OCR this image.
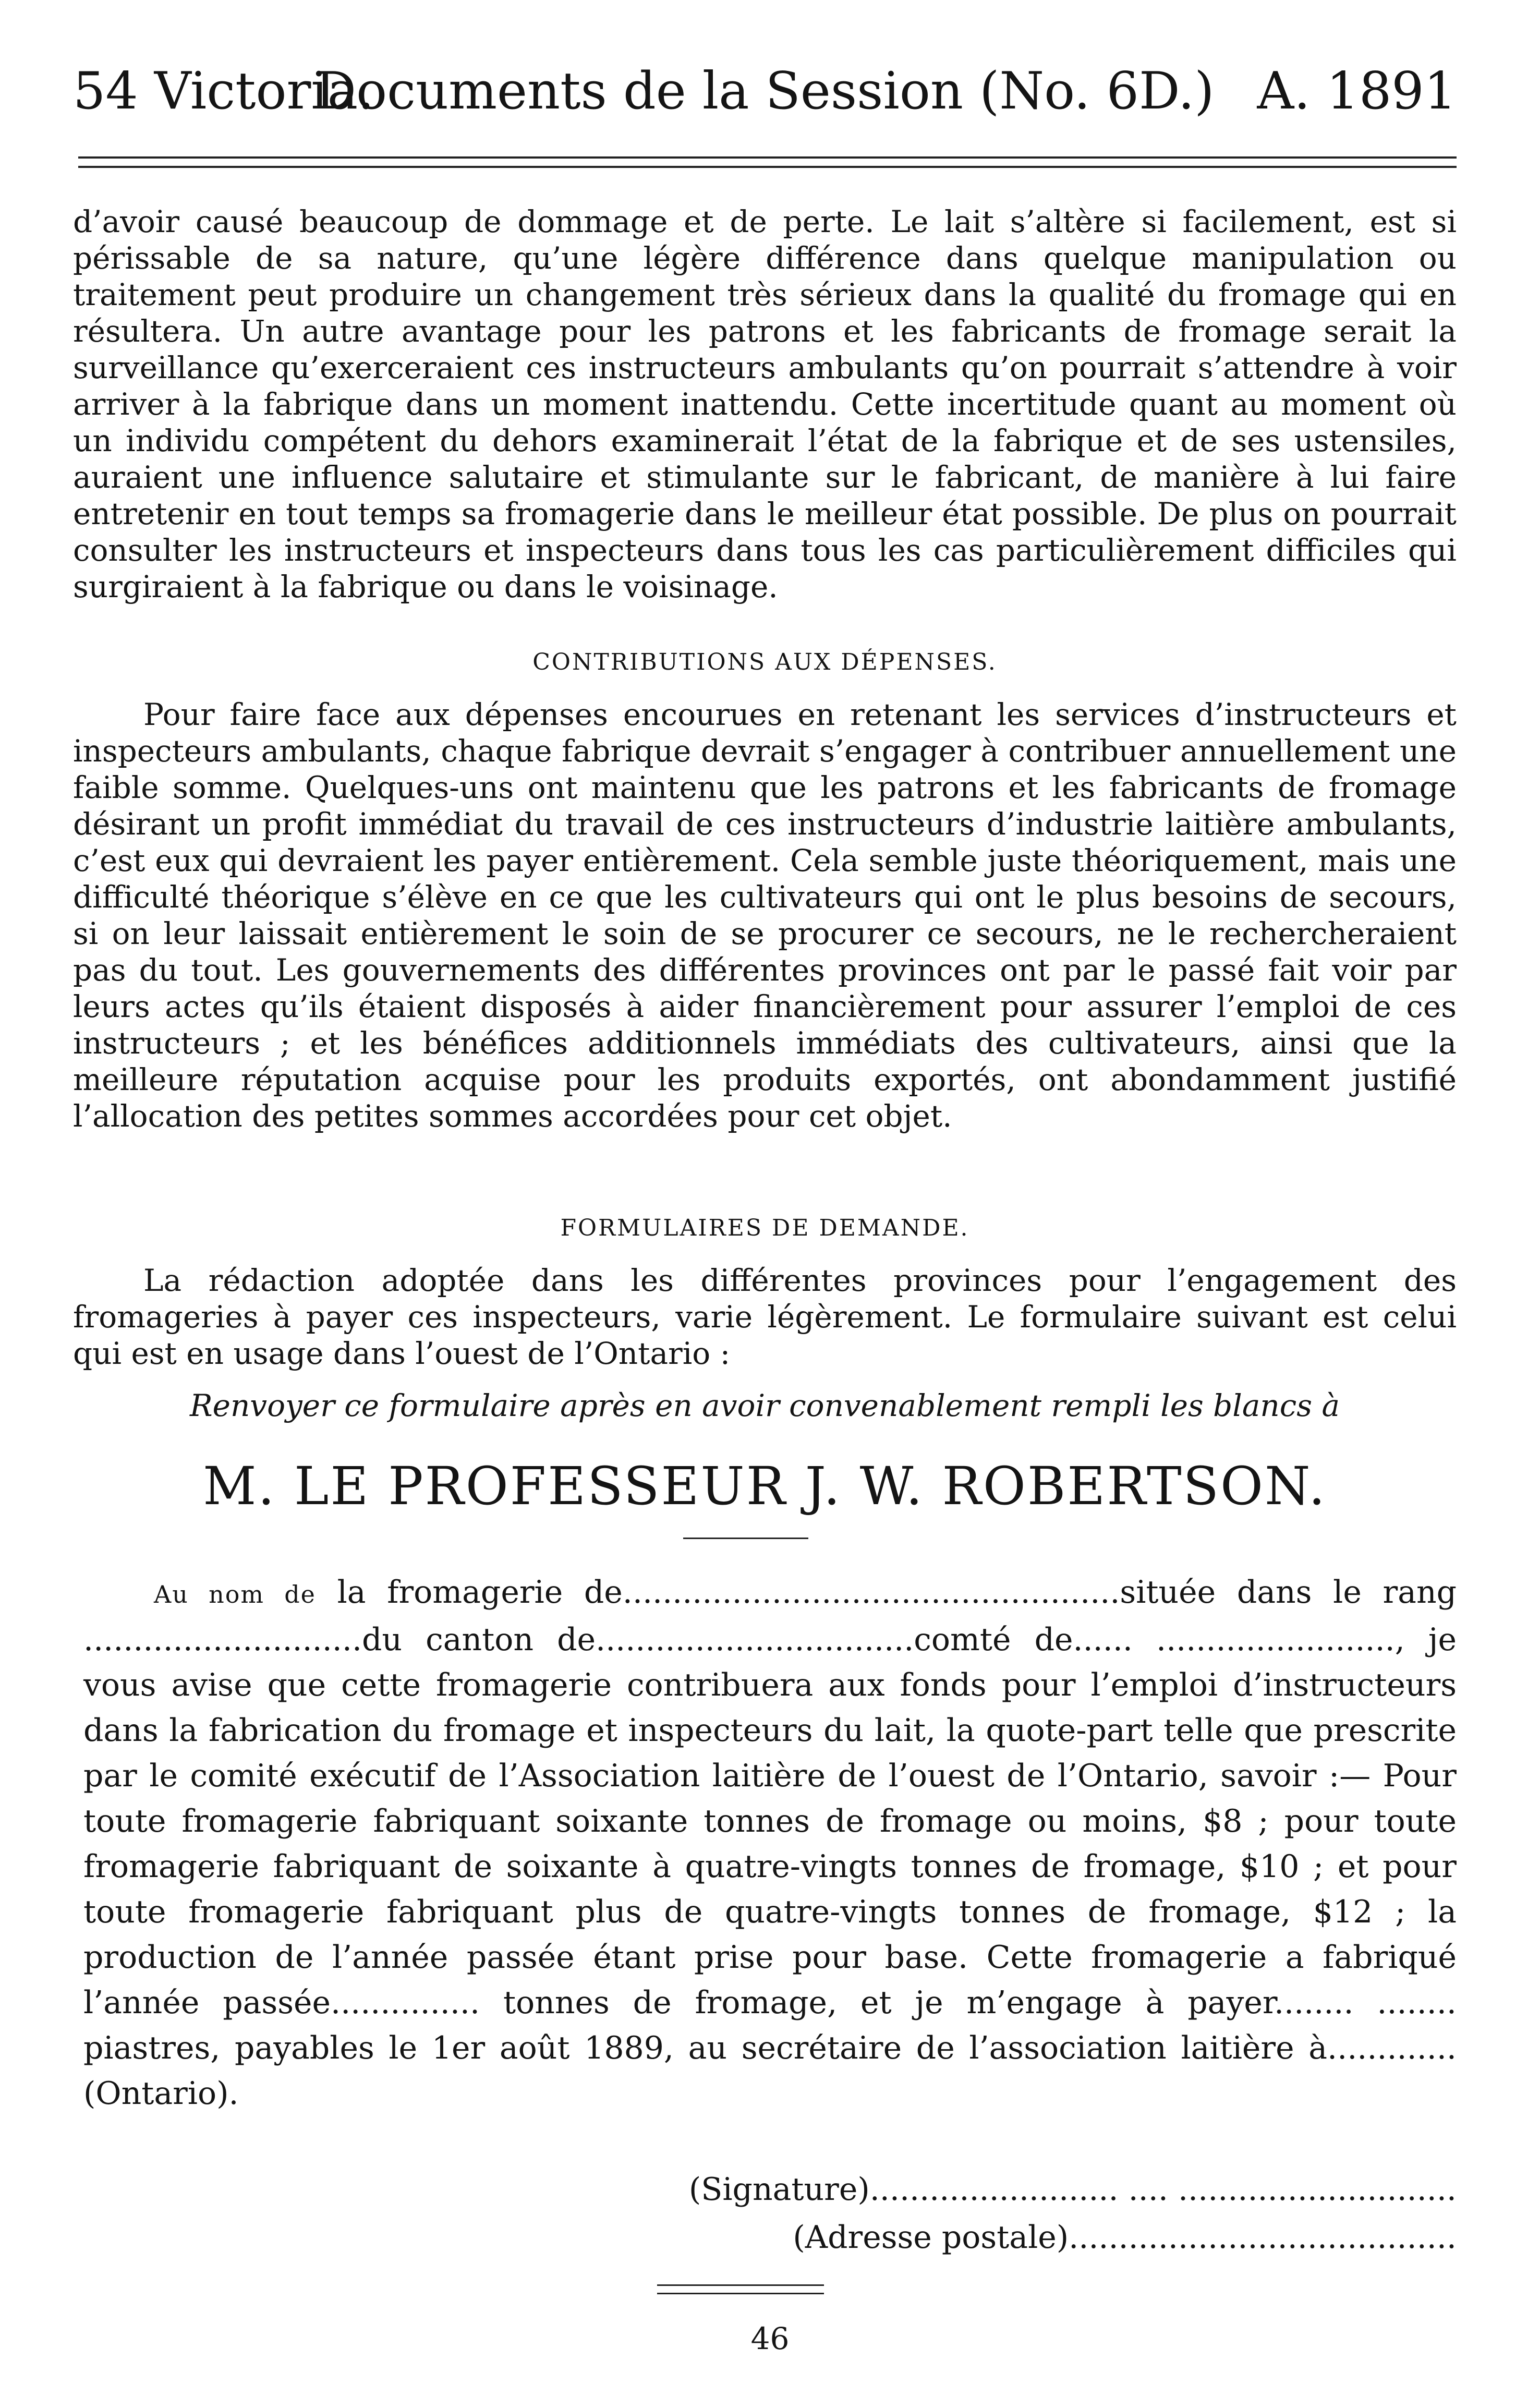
54 Victoria.
Documents de la Session (No. 6D.) A. 1891

d’avoir causé beaucoup de dommage et de perte. Le lait s’altère si facilement, est si périssable de sa nature, qu’une légère différence dans quelque manipulation ou traitement peut produire un changement très sérieux dans la qualité du fromage qui en résultera. Un autre avantage pour les patrons et les fabricants de fromage serait la surveillance qu’exerceraient ces instructeurs ambulants qu’on pourrait s’attendre à voir arriver à la fabrique dans un moment inattendu. Cette incertitude quant au moment où un individu compétent du dehors examinerait l’état de la fabrique et de ses ustensiles, auraient une influence salutaire et stimulante sur le fabricant, de manière à lui faire entretenir en tout temps sa fromagerie dans le meilleur état possible. De plus on pourrait consulter les instructeurs et inspecteurs dans tous les cas particulièrement difficiles qui surgiraient à la fabrique ou dans le voisinage.

CONTRIBUTIONS AUX DÉPENSES.

Pour faire face aux dépenses encourues en retenant les services d’instructeurs et inspecteurs ambulants, chaque fabrique devrait s’engager à contribuer annuellement une faible somme. Quelques-uns ont maintenu que les patrons et les fabricants de fromage désirant un profit immédiat du travail de ces instructeurs d’industrie laitière ambulants, c’est eux qui devraient les payer entièrement. Cela semble juste théoriquement, mais une difficulté théorique s’élève en ce que les cultivateurs qui ont le plus besoins de secours, si on leur laissait entièrement le soin de se procurer ce secours, ne le rechercheraient pas du tout. Les gouvernements des différentes provinces ont par le passé fait voir par leurs actes qu’ils étaient disposés à aider financièrement pour assurer l’emploi de ces instructeurs ; et les bénéfices additionnels immédiats des cultivateurs, ainsi que la meilleure réputation acquise pour les produits exportés, ont abondamment justifié l’allocation des petites sommes accordées pour cet objet.

FORMULAIRES DE DEMANDE.

La rédaction adoptée dans les différentes provinces pour l’engagement des fromageries à payer ces inspecteurs, varie légèrement. Le formulaire suivant est celui qui est en usage dans l’ouest de l’Ontario :

Renvoyer ce formulaire après en avoir convenablement rempli les blancs à
M. LE PROFESSEUR J. W. ROBERTSON.

Au nom de la fromagerie de..................................................située dans le rang ............................du canton de................................comté de...... ........................, je vous avise que cette fromagerie contribuera aux fonds pour l’emploi d’instructeurs dans la fabrication du fromage et inspecteurs du lait, la quote-part telle que prescrite par le comité exécutif de l’Association laitière de l’ouest de l’Ontario, savoir :— Pour toute fromagerie fabriquant soixante tonnes de fromage ou moins, $8 ; pour toute fromagerie fabriquant de soixante à quatre-vingts tonnes de fromage, $10 ; et pour toute fromagerie fabriquant plus de quatre-vingts tonnes de fromage, $12 ; la production de l’année passée étant prise pour base. Cette fromagerie a fabriqué l’année passée............... tonnes de fromage, et je m’engage à payer........ ........ piastres, payables le 1er août 1889, au secrétaire de l’association laitière à............. (Ontario).

(Signature)......................... .... ............................
(Adresse postale).......................................
46
